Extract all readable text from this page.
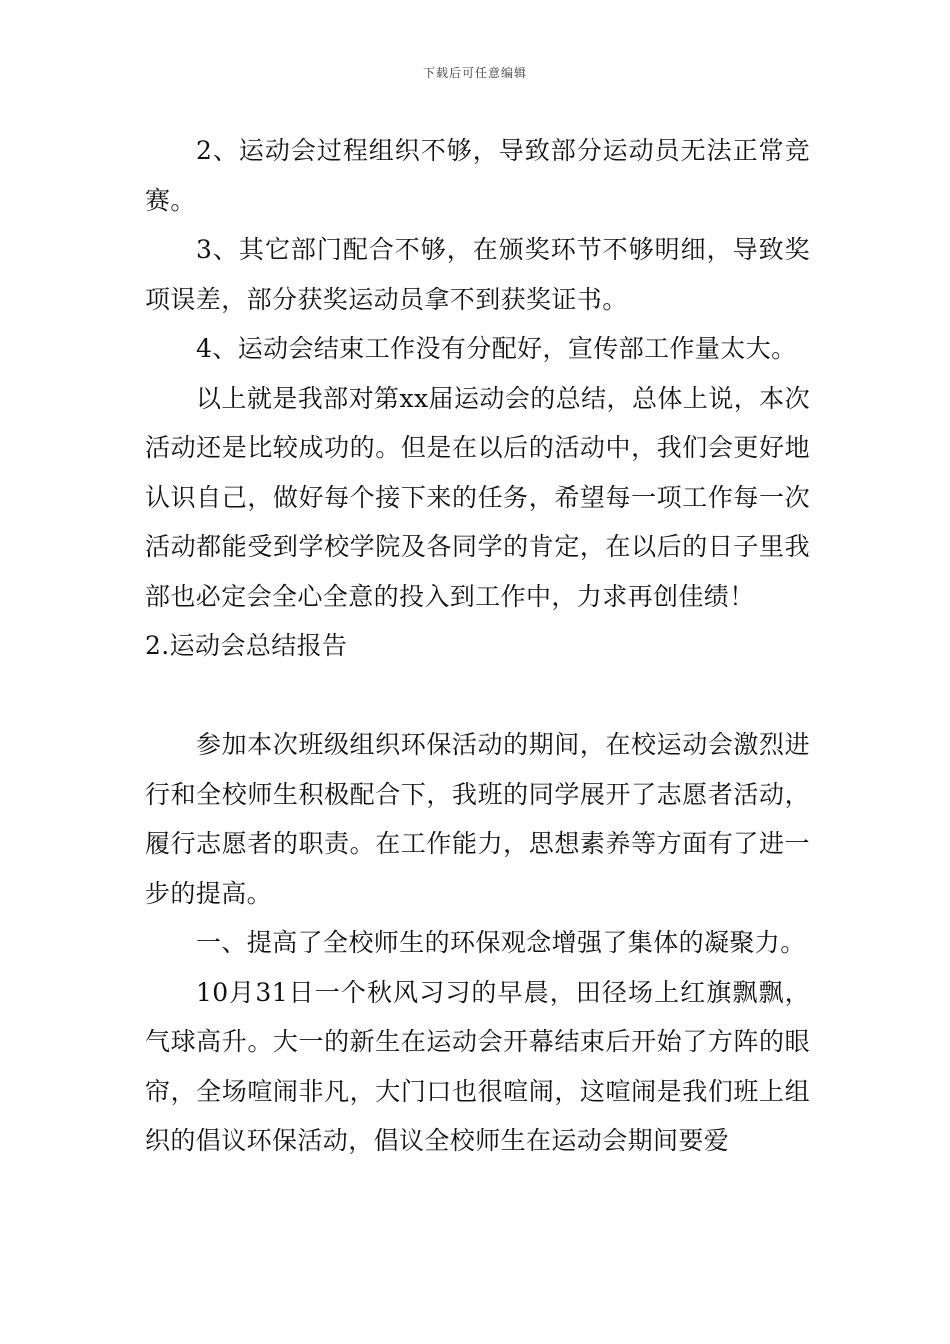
下载后可任意编辑

2、运动会过程组织不够，导致部分运动员无法正常竞赛。

3、其它部门配合不够，在颁奖环节不够明细，导致奖项误差，部分获奖运动员拿不到获奖证书。

4、运动会结束工作没有分配好，宣传部工作量太大。

以上就是我部对第xx届运动会的总结，总体上说，本次活动还是比较成功的。但是在以后的活动中，我们会更好地认识自己，做好每个接下来的任务，希望每一项工作每一次活动都能受到学校学院及各同学的肯定，在以后的日子里我部也必定会全心全意的投入到工作中，力求再创佳绩！

2.运动会总结报告

参加本次班级组织环保活动的期间，在校运动会激烈进行和全校师生积极配合下，我班的同学展开了志愿者活动，履行志愿者的职责。在工作能力，思想素养等方面有了进一步的提高。

一、提高了全校师生的环保观念增强了集体的凝聚力。

10月31日一个秋风习习的早晨，田径场上红旗飘飘，气球高升。大一的新生在运动会开幕结束后开始了方阵的眼帘，全场喧闹非凡，大门口也很喧闹，这喧闹是我们班上组织的倡议环保活动，倡议全校师生在运动会期间要爱
